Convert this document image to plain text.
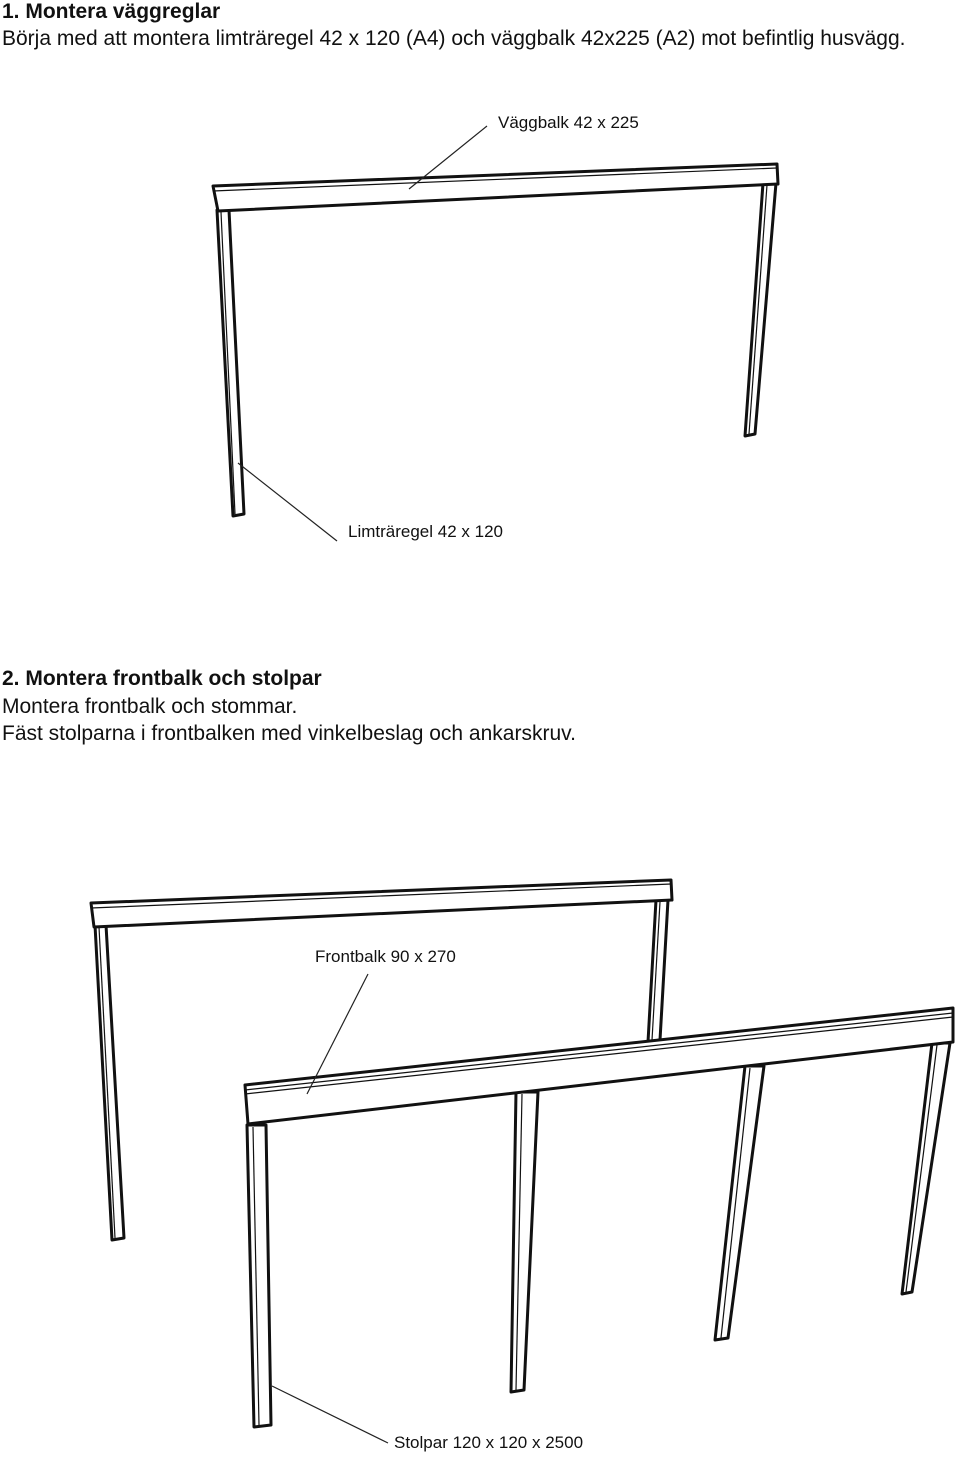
1. Montera väggreglar

Börja med att montera limträregel 42 x 120 (A4) och väggbalk 42x225 (A2) mot befintlig husvägg.

Väggbalk 42 x 225

Limträregel 42 x 120

2. Montera frontbalk och stolpar

Montera frontbalk och stommar.

Fäst stolparna i frontbalken med vinkelbeslag och ankarskruv.

Frontbalk 90 x 270

Stolpar 120 x 120 x 2500
